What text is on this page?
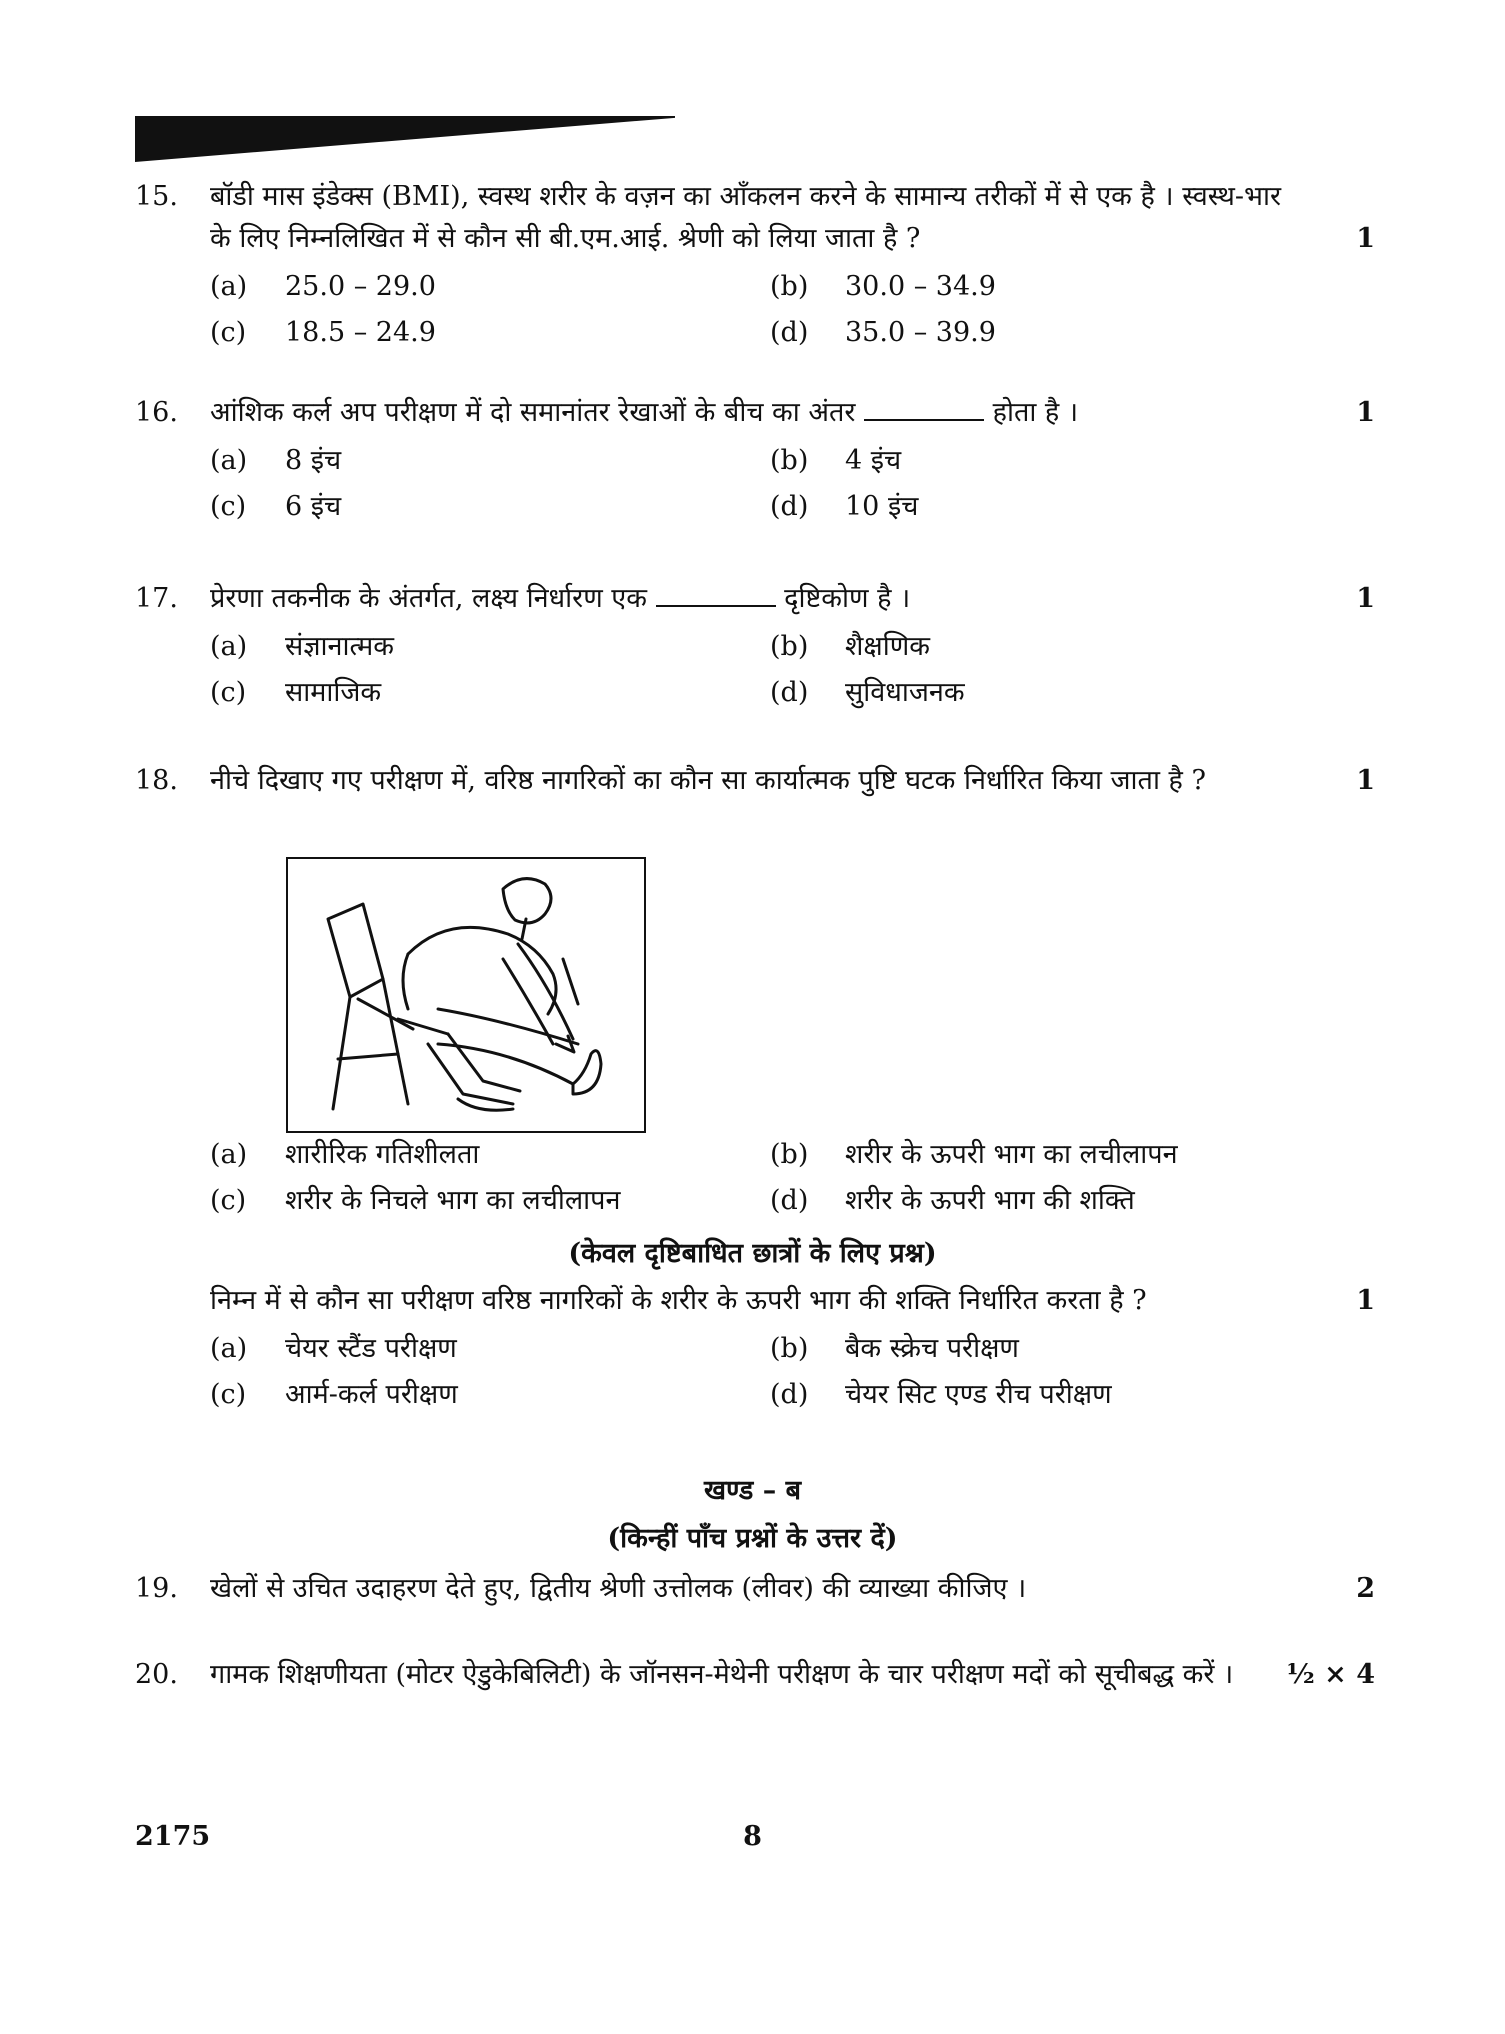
15.	बॉडी मास इंडेक्स (BMI), स्वस्थ शरीर के वज़न का आँकलन करने के सामान्य तरीकों में से एक है । स्वस्थ-भार के लिए निम्नलिखित में से कौन सी बी.एम.आई. श्रेणी को लिया जाता है ?	1
(a)	25.0 – 29.0	(b)	30.0 – 34.9
(c)	18.5 – 24.9	(d)	35.0 – 39.9
16.	आंशिक कर्ल अप परीक्षण में दो समानांतर रेखाओं के बीच का अंतर	होता है ।	1
(a)	8 इंच	(b)	4 इंच
(c)	6 इंच	(d)	10 इंच
17.	प्रेरणा तकनीक के अंतर्गत, लक्ष्य निर्धारण एक	दृष्टिकोण है ।	1
(a)	संज्ञानात्मक	(b)	शैक्षणिक
(c)	सामाजिक	(d)	सुविधाजनक
18.	नीचे दिखाए गए परीक्षण में, वरिष्ठ नागरिकों का कौन सा कार्यात्मक पुष्टि घटक निर्धारित किया जाता है ?	1
(a)	शारीरिक गतिशीलता	(b)	शरीर के ऊपरी भाग का लचीलापन
(c)	शरीर के निचले भाग का लचीलापन	(d)	शरीर के ऊपरी भाग की शक्ति
(केवल दृष्टिबाधित छात्रों के लिए प्रश्न)
निम्न में से कौन सा परीक्षण वरिष्ठ नागरिकों के शरीर के ऊपरी भाग की शक्ति निर्धारित करता है ?	1
(a)	चेयर स्टैंड परीक्षण	(b)	बैक स्क्रेच परीक्षण
(c)	आर्म-कर्ल परीक्षण	(d)	चेयर सिट एण्ड रीच परीक्षण
खण्ड – ब
(किन्हीं पाँच प्रश्नों के उत्तर दें)
19.	खेलों से उचित उदाहरण देते हुए, द्वितीय श्रेणी उत्तोलक (लीवर) की व्याख्या कीजिए ।	2
20.	गामक शिक्षणीयता (मोटर ऐडुकेबिलिटी) के जॉनसन-मेथेनी परीक्षण के चार परीक्षण मदों को सूचीबद्ध करें ।	½ × 4
2175	8
